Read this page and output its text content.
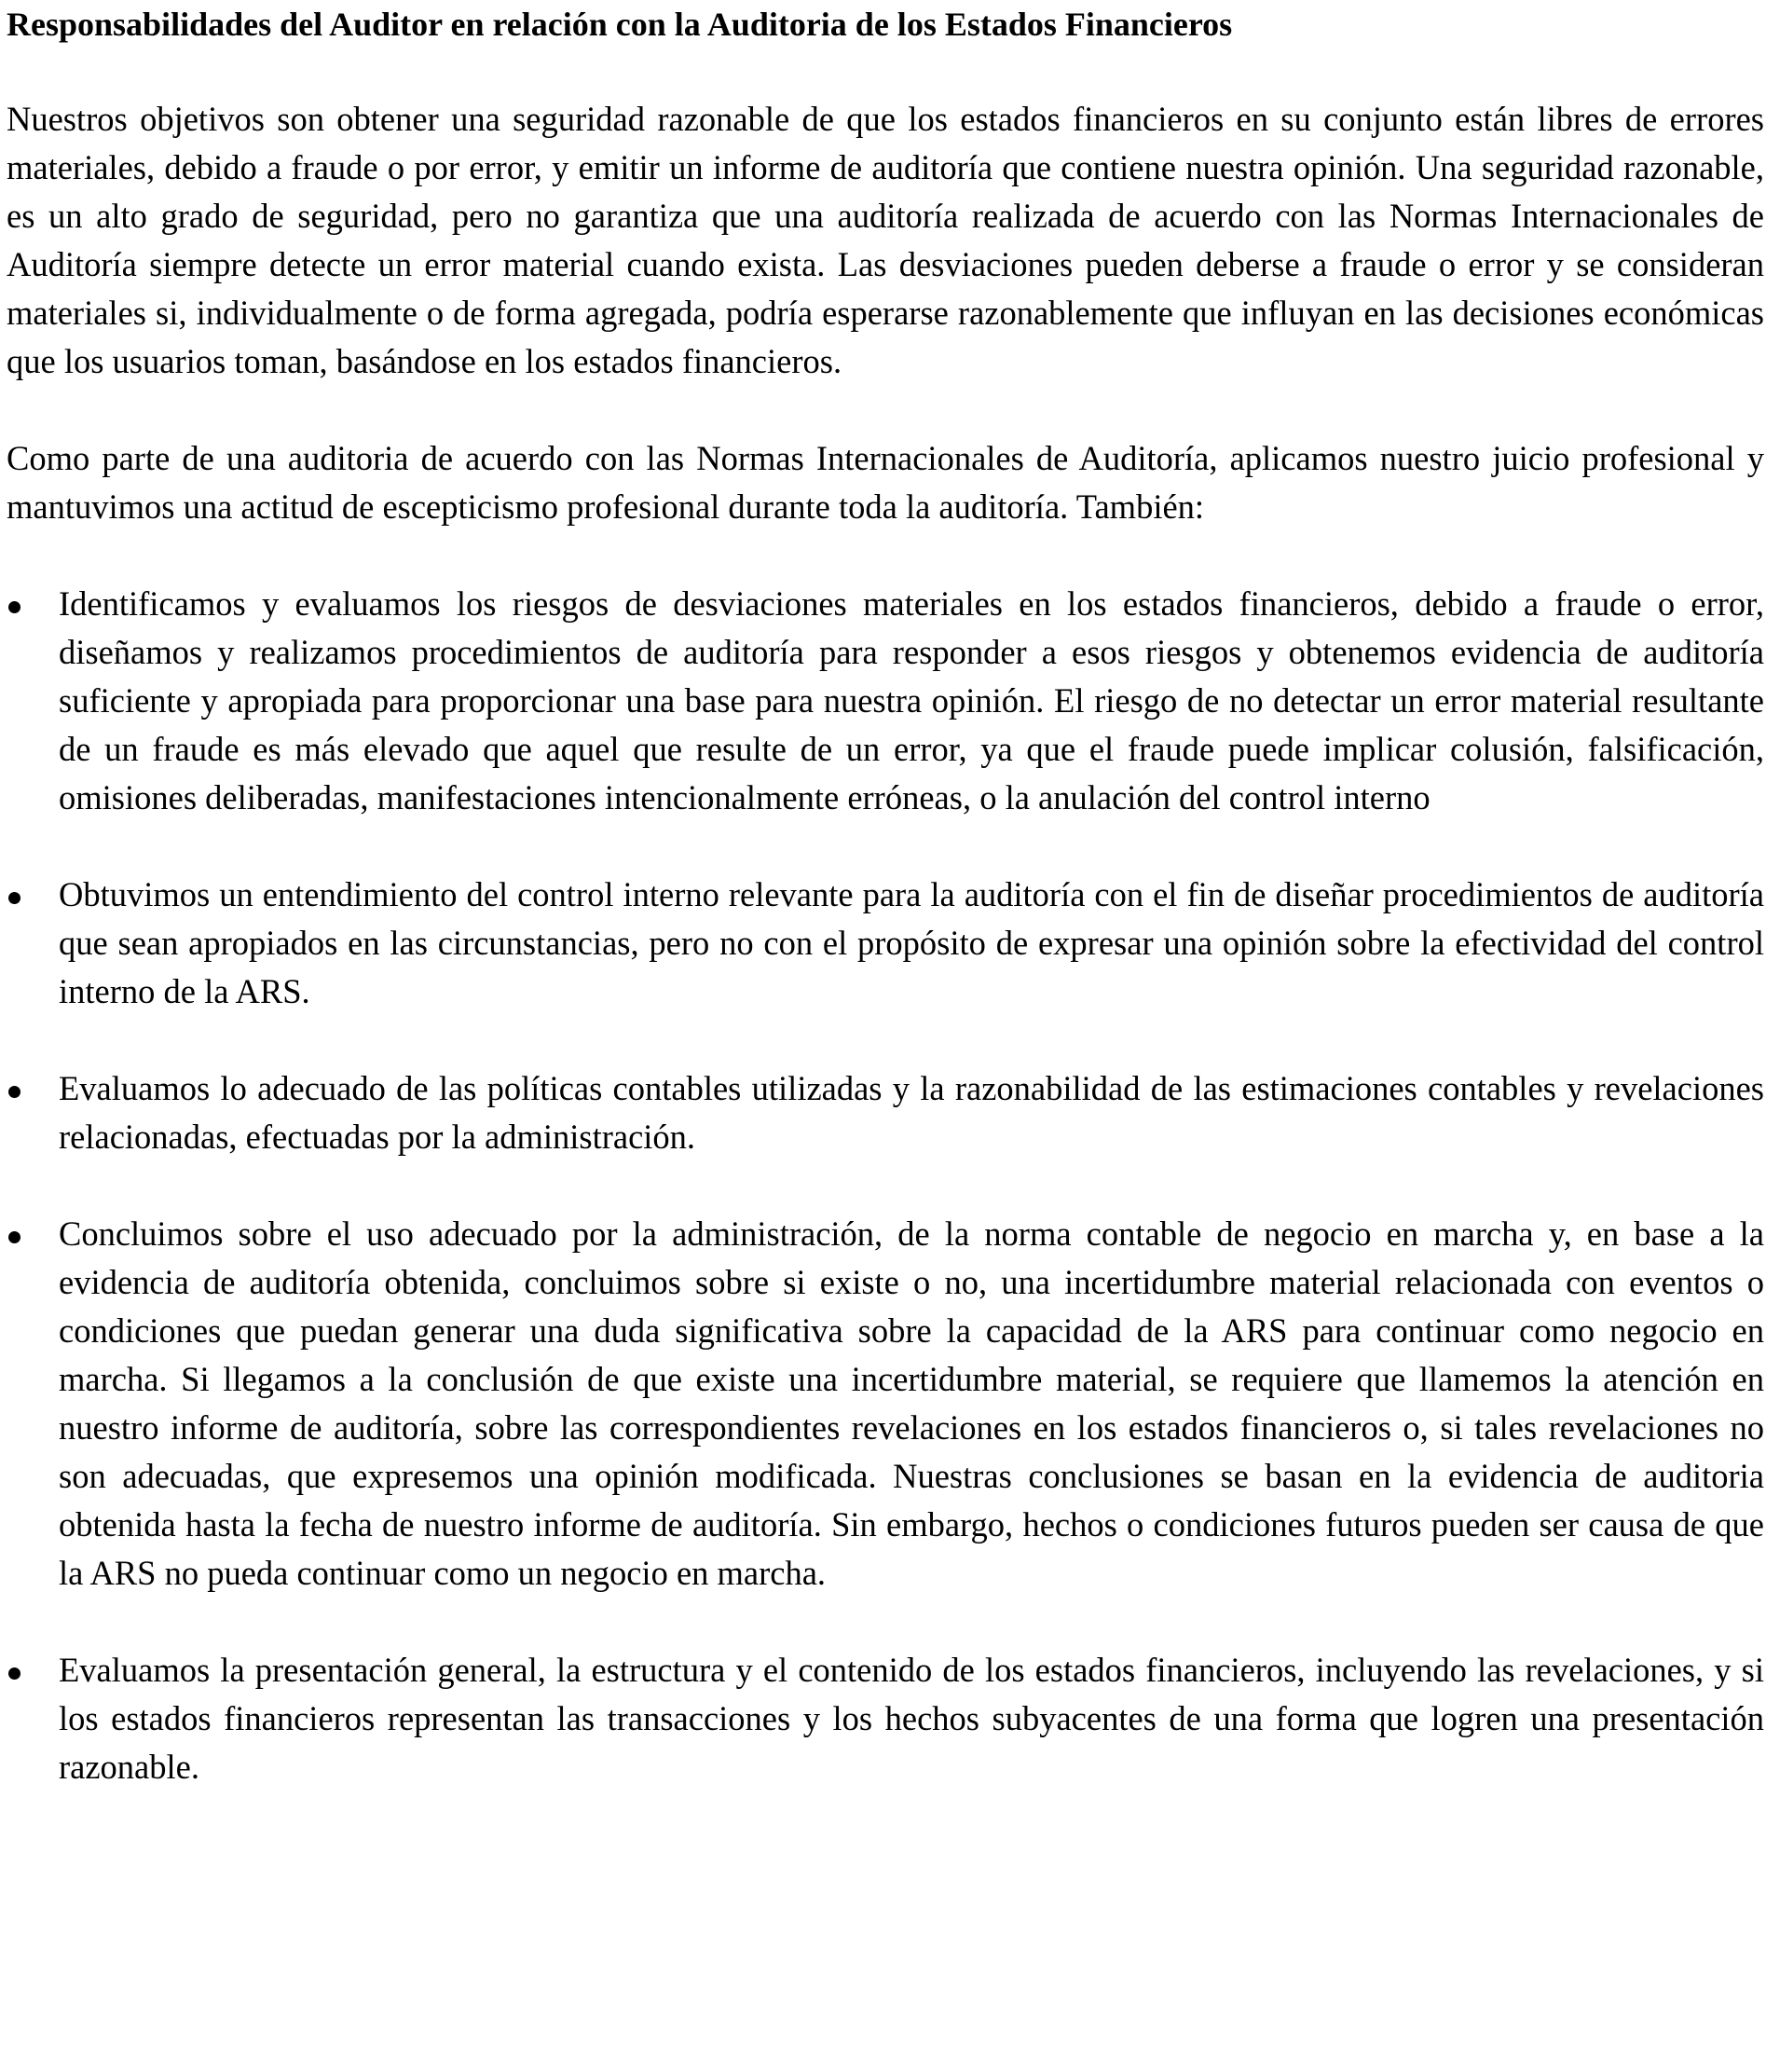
Responsabilidades del Auditor en relación con la Auditoria de los Estados Financieros

Nuestros objetivos son obtener una seguridad razonable de que los estados financieros en su conjunto están libres de errores materiales, debido a fraude o por error, y emitir un informe de auditoría que contiene nuestra opinión. Una seguridad razonable, es un alto grado de seguridad, pero no garantiza que una auditoría realizada de acuerdo con las Normas Internacionales de Auditoría siempre detecte un error material cuando exista. Las desviaciones pueden deberse a fraude o error y se consideran materiales si, individualmente o de forma agregada, podría esperarse razonablemente que influyan en las decisiones económicas que los usuarios toman, basándose en los estados financieros.

Como parte de una auditoria de acuerdo con las Normas Internacionales de Auditoría, aplicamos nuestro juicio profesional y mantuvimos una actitud de escepticismo profesional durante toda la auditoría. También:

Identificamos y evaluamos los riesgos de desviaciones materiales en los estados financieros, debido a fraude o error, diseñamos y realizamos procedimientos de auditoría para responder a esos riesgos y obtenemos evidencia de auditoría suficiente y apropiada para proporcionar una base para nuestra opinión. El riesgo de no detectar un error material resultante de un fraude es más elevado que aquel que resulte de un error, ya que el fraude puede implicar colusión, falsificación, omisiones deliberadas, manifestaciones intencionalmente erróneas, o la anulación del control interno
Obtuvimos un entendimiento del control interno relevante para la auditoría con el fin de diseñar procedimientos de auditoría que sean apropiados en las circunstancias, pero no con el propósito de expresar una opinión sobre la efectividad del control interno de la ARS.
Evaluamos lo adecuado de las políticas contables utilizadas y la razonabilidad de las estimaciones contables y revelaciones relacionadas, efectuadas por la administración.
Concluimos sobre el uso adecuado por la administración, de la norma contable de negocio en marcha y, en base a la evidencia de auditoría obtenida, concluimos sobre si existe o no, una incertidumbre material relacionada con eventos o condiciones que puedan generar una duda significativa sobre la capacidad de la ARS para continuar como negocio en marcha. Si llegamos a la conclusión de que existe una incertidumbre material, se requiere que llamemos la atención en nuestro informe de auditoría, sobre las correspondientes revelaciones en los estados financieros o, si tales revelaciones no son adecuadas, que expresemos una opinión modificada. Nuestras conclusiones se basan en la evidencia de auditoria obtenida hasta la fecha de nuestro informe de auditoría. Sin embargo, hechos o condiciones futuros pueden ser causa de que la ARS no pueda continuar como un negocio en marcha.
Evaluamos la presentación general, la estructura y el contenido de los estados financieros, incluyendo las revelaciones, y si los estados financieros representan las transacciones y los hechos subyacentes de una forma que logren una presentación razonable.
